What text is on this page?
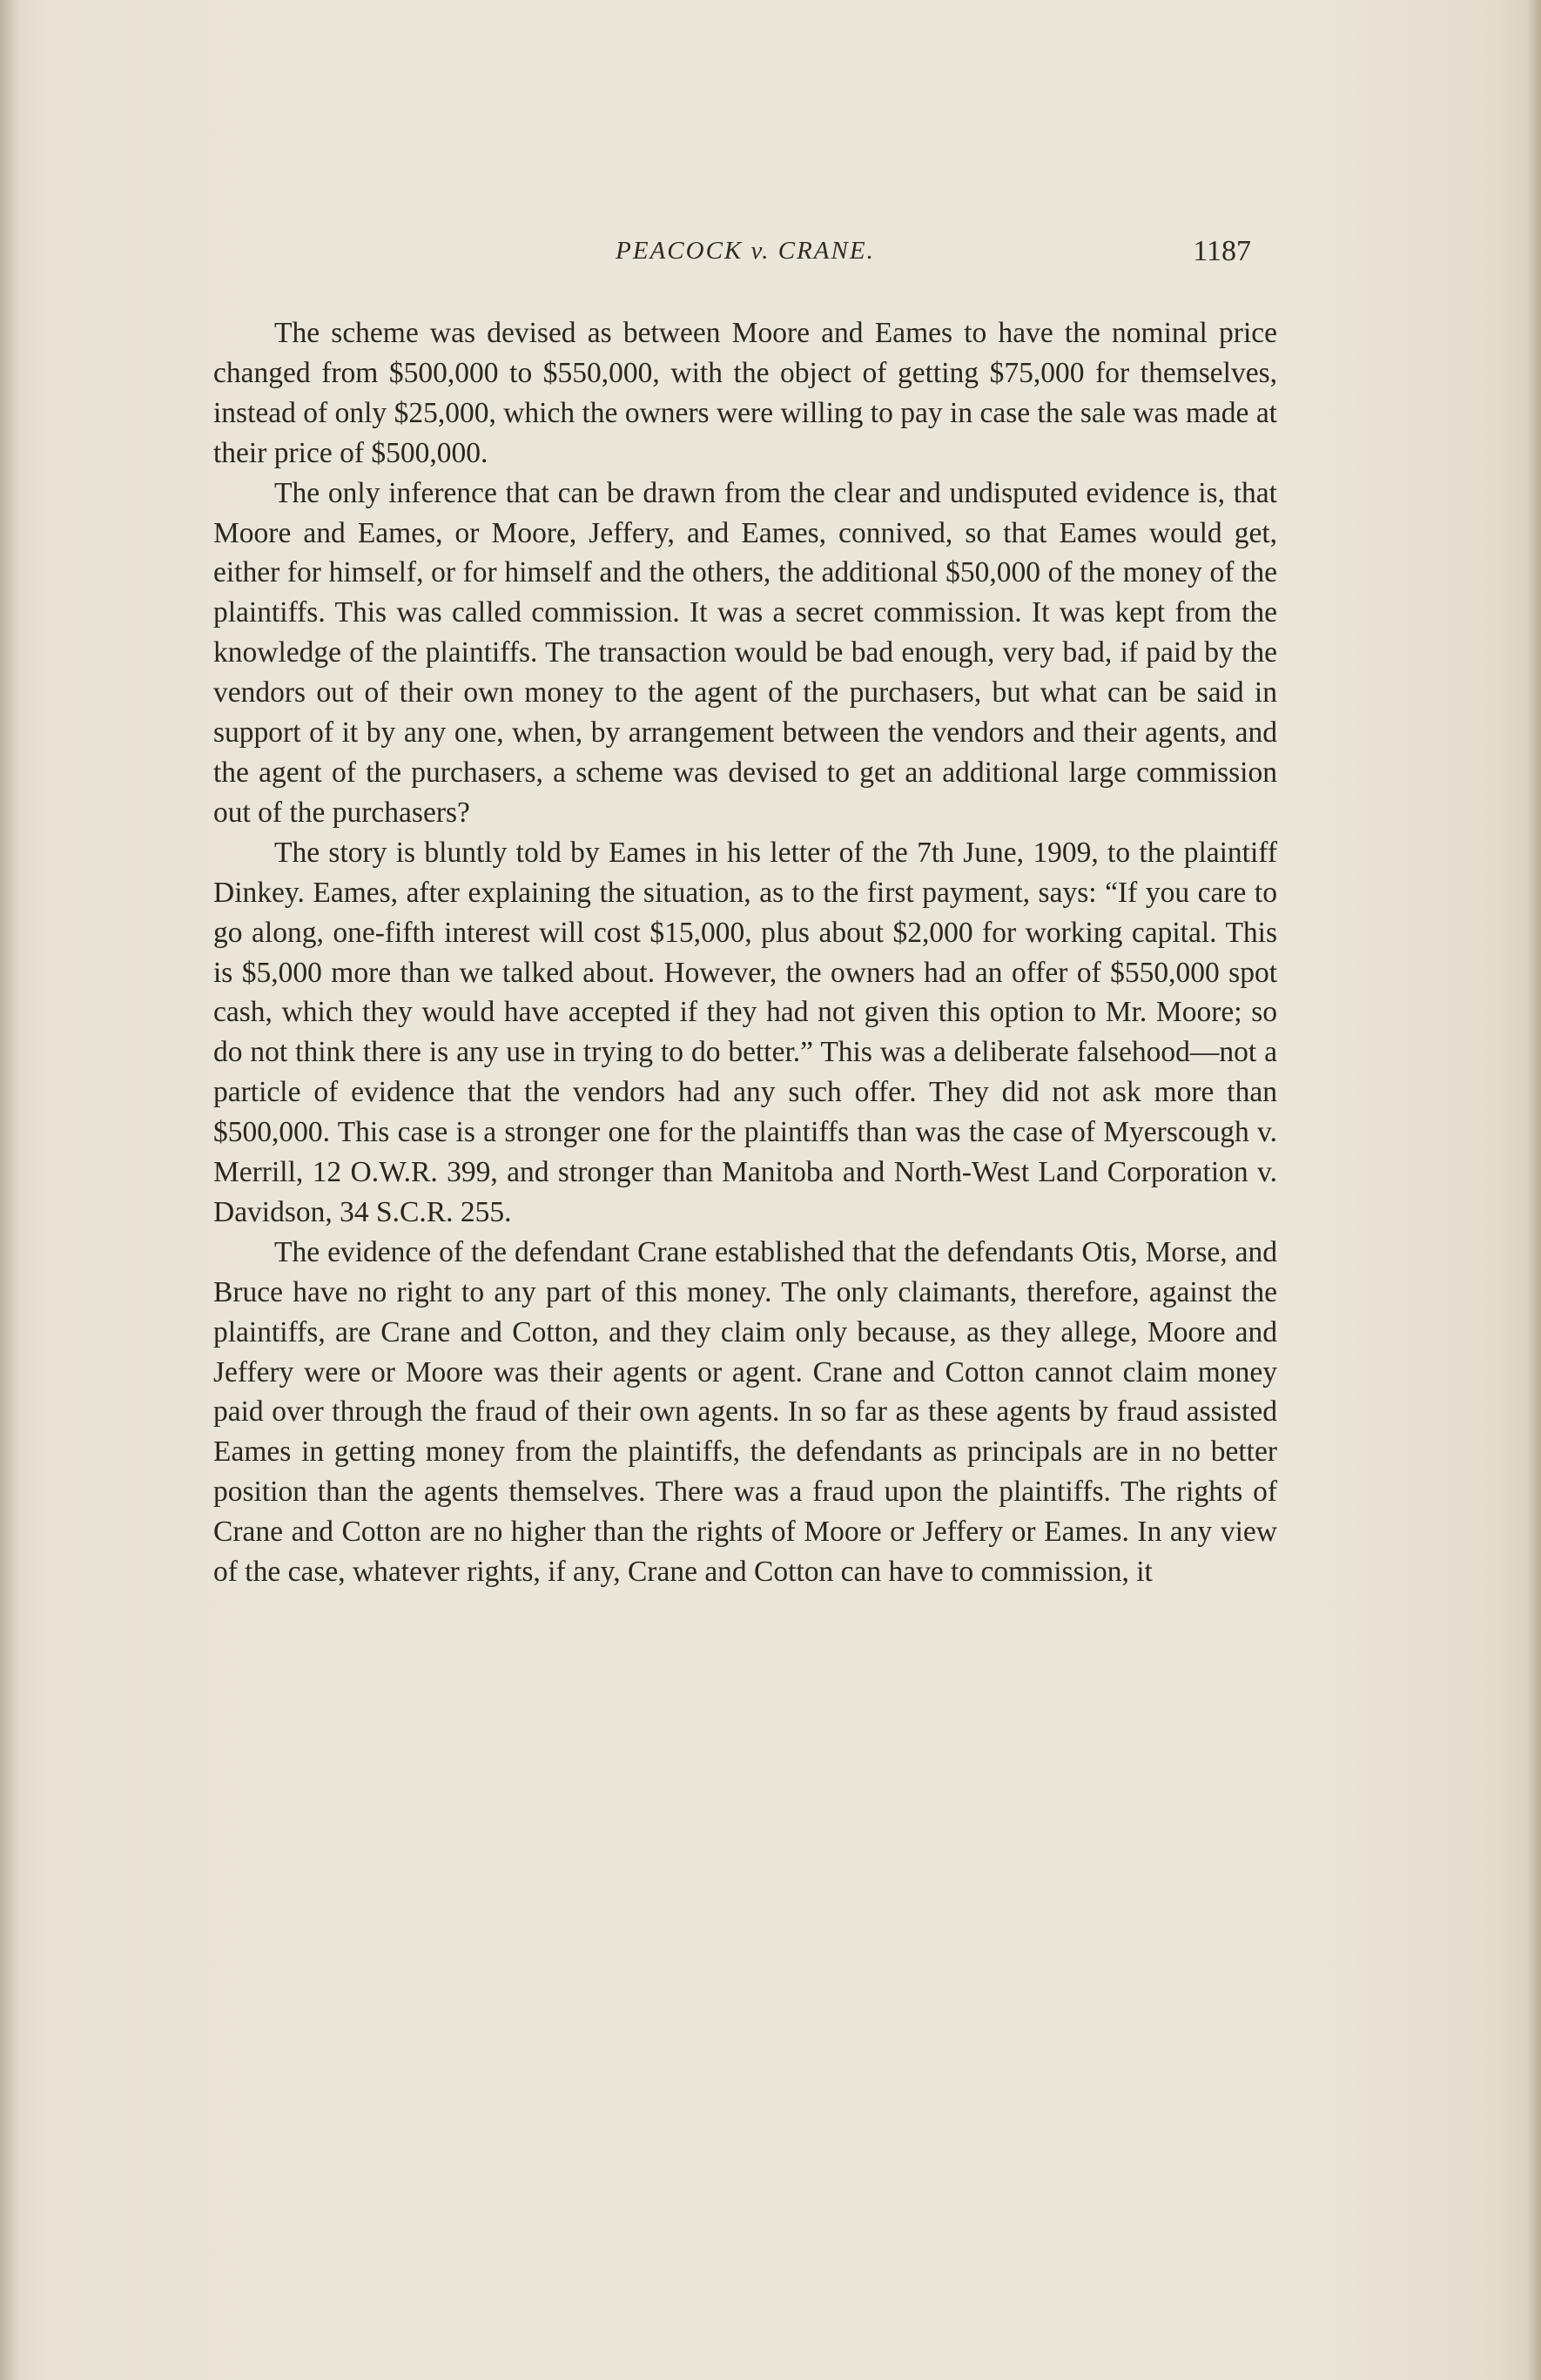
PEACOCK v. CRANE.	1187

The scheme was devised as between Moore and Eames to have the nominal price changed from $500,000 to $550,000, with the object of getting $75,000 for themselves, instead of only $25,000, which the owners were willing to pay in case the sale was made at their price of $500,000.

The only inference that can be drawn from the clear and undisputed evidence is, that Moore and Eames, or Moore, Jeffery, and Eames, connived, so that Eames would get, either for himself, or for himself and the others, the additional $50,000 of the money of the plaintiffs. This was called commission. It was a secret commission. It was kept from the knowledge of the plaintiffs. The transaction would be bad enough, very bad, if paid by the vendors out of their own money to the agent of the purchasers, but what can be said in support of it by any one, when, by arrangement between the vendors and their agents, and the agent of the purchasers, a scheme was devised to get an additional large commission out of the purchasers?

The story is bluntly told by Eames in his letter of the 7th June, 1909, to the plaintiff Dinkey. Eames, after explaining the situation, as to the first payment, says: “If you care to go along, one-fifth interest will cost $15,000, plus about $2,000 for working capital. This is $5,000 more than we talked about. However, the owners had an offer of $550,000 spot cash, which they would have accepted if they had not given this option to Mr. Moore; so do not think there is any use in trying to do better.” This was a deliberate falsehood—not a particle of evidence that the vendors had any such offer. They did not ask more than $500,000. This case is a stronger one for the plaintiffs than was the case of Myerscough v. Merrill, 12 O.W.R. 399, and stronger than Manitoba and North-West Land Corporation v. Davidson, 34 S.C.R. 255.

The evidence of the defendant Crane established that the defendants Otis, Morse, and Bruce have no right to any part of this money. The only claimants, therefore, against the plaintiffs, are Crane and Cotton, and they claim only because, as they allege, Moore and Jeffery were or Moore was their agents or agent. Crane and Cotton cannot claim money paid over through the fraud of their own agents. In so far as these agents by fraud assisted Eames in getting money from the plaintiffs, the defendants as principals are in no better position than the agents themselves. There was a fraud upon the plaintiffs. The rights of Crane and Cotton are no higher than the rights of Moore or Jeffery or Eames. In any view of the case, whatever rights, if any, Crane and Cotton can have to commission, it
